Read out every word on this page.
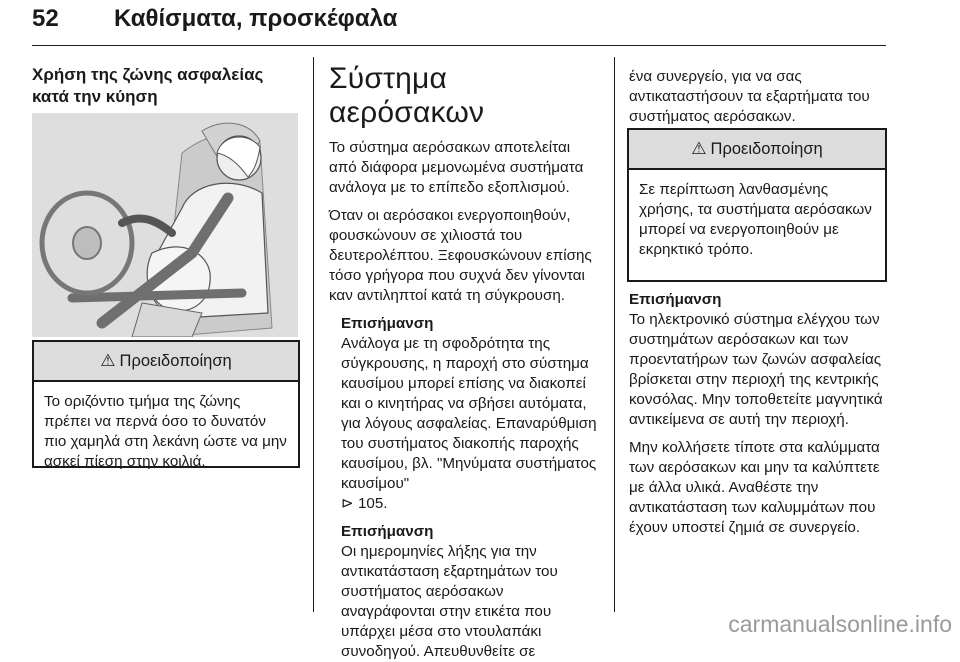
52 Καθίσματα, προσκέφαλα
Χρήση της ζώνης ασφαλείας κατά την κύηση
⚠ Προειδοποίηση
Το οριζόντιο τμήμα της ζώνης πρέπει να περνά όσο το δυνατόν πιο χαμηλά στη λεκάνη ώστε να μην ασκεί πίεση στην κοιλιά.
Σύστημα αερόσακων

Το σύστημα αερόσακων αποτελείται από διάφορα μεμονωμένα συστήματα ανάλογα με το επίπεδο εξοπλισμού.

Όταν οι αερόσακοι ενεργοποιηθούν, φουσκώνουν σε χιλιοστά του δευτερολέπτου. Ξεφουσκώνουν επίσης τόσο γρήγορα που συχνά δεν γίνονται καν αντιληπτοί κατά τη σύγκρουση.

Επισήμανση
Ανάλογα με τη σφοδρότητα της σύγκρουσης, η παροχή στο σύστημα καυσίμου μπορεί επίσης να διακοπεί και ο κινητήρας να σβήσει αυτόματα, για λόγους ασφαλείας. Επαναρύθμιση του συστήματος διακοπής παροχής καυσίμου, βλ. "Μηνύματα συστήματος καυσίμου"
⊳ 105.
Επισήμανση
Οι ημερομηνίες λήξης για την αντικατάσταση εξαρτημάτων του συστήματος αερόσακων αναγράφονται στην ετικέτα που υπάρχει μέσα στο ντουλαπάκι συνοδηγού. Απευθυνθείτε σε

ένα συνεργείο, για να σας αντικαταστήσουν τα εξαρτήματα του συστήματος αερόσακων.

⚠ Προειδοποίηση
Σε περίπτωση λανθασμένης χρήσης, τα συστήματα αερόσακων μπορεί να ενεργοποιηθούν με εκρηκτικό τρόπο.
Επισήμανση
Το ηλεκτρονικό σύστημα ελέγχου των συστημάτων αερόσακων και των προεντατήρων των ζωνών ασφαλείας βρίσκεται στην περιοχή της κεντρικής κονσόλας. Μην τοποθετείτε μαγνητικά αντικείμενα σε αυτή την περιοχή.

Μην κολλήσετε τίποτε στα καλύμματα των αερόσακων και μην τα καλύπτετε με άλλα υλικά. Αναθέστε την αντικατάσταση των καλυμμάτων που έχουν υποστεί ζημιά σε συνεργείο.

carmanualsonline.info
